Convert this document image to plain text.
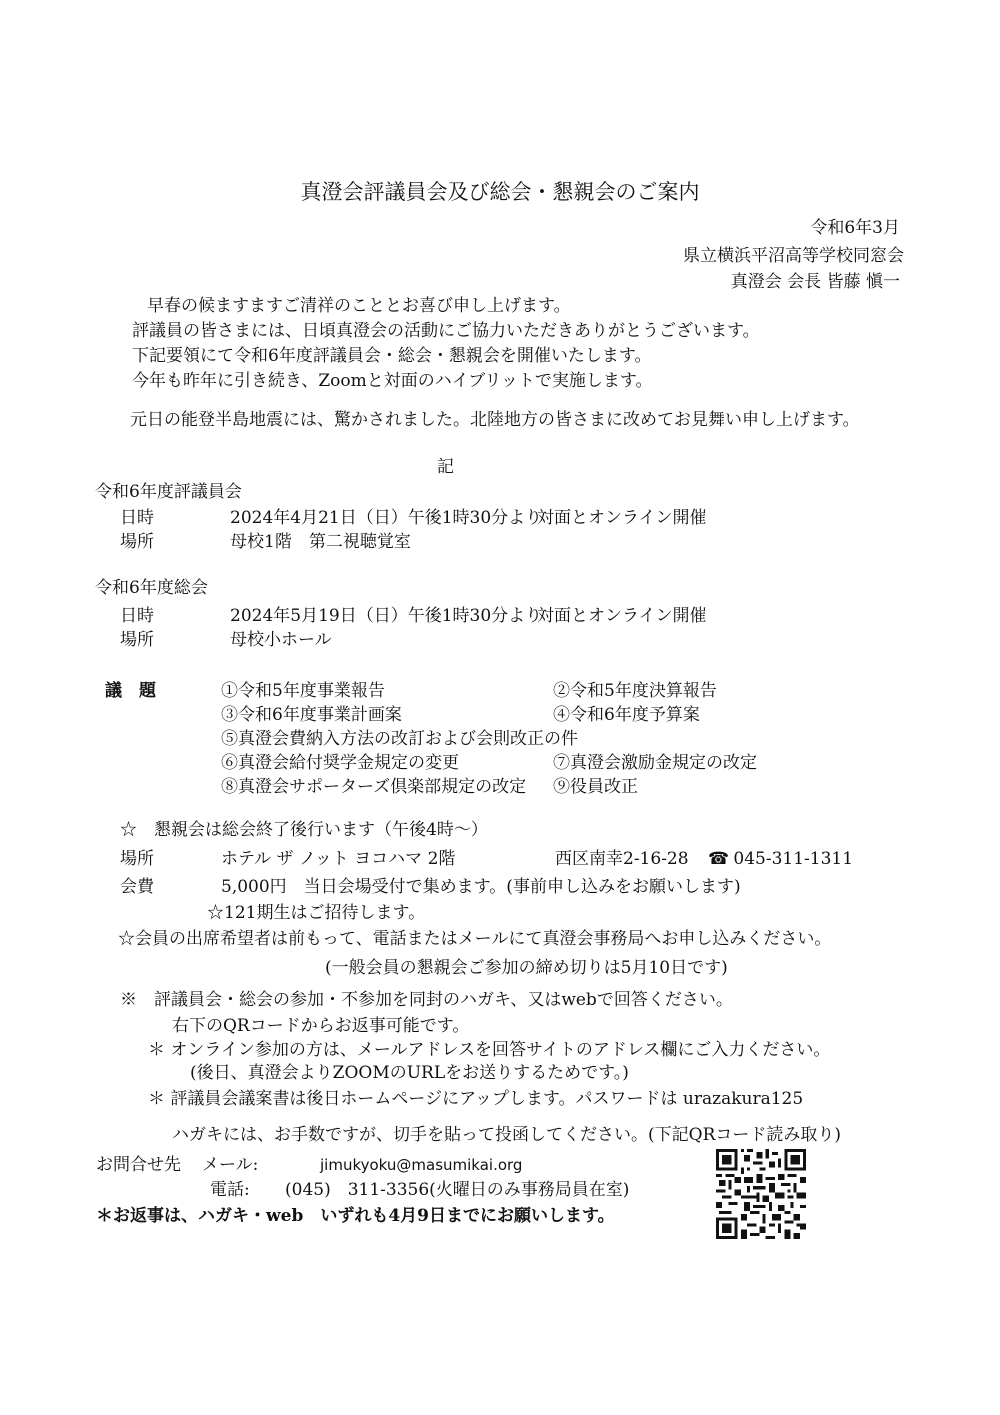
真澄会評議員会及び総会・懇親会のご案内
令和6年3月
県立横浜平沼高等学校同窓会
真澄会 会長 皆藤 愼一
早春の候ますますご清祥のこととお喜び申し上げます。
評議員の皆さまには、日頃真澄会の活動にご協力いただきありがとうございます。
下記要領にて令和6年度評議員会・総会・懇親会を開催いたします。
今年も昨年に引き続き、Zoomと対面のハイブリットで実施します。
元日の能登半島地震には、驚かされました。北陸地方の皆さまに改めてお見舞い申し上げます。
記
令和6年度評議員会
日時	2024年4月21日（日）午後1時30分より
対面とオンライン開催
場所	母校1階　第二視聴覚室
令和6年度総会
日時	2024年5月19日（日）午後1時30分より
対面とオンライン開催
場所	母校小ホール
議　題	①令和5年度事業報告	②令和5年度決算報告
③令和6年度事業計画案	④令和6年度予算案
⑤真澄会費納入方法の改訂および会則改正の件
⑥真澄会給付奨学金規定の変更	⑦真澄会激励金規定の改定
⑧真澄会サポーターズ倶楽部規定の改定 ⑨役員改正
☆　懇親会は総会終了後行います（午後4時～）
場所	ホテル ザ ノット ヨコハマ 2階	西区南幸2-16-28 ☎ 045-311-1311
会費	5,000円　当日会場受付で集めます。(事前申し込みをお願いします)
☆121期生はご招待します。
☆会員の出席希望者は前もって、電話またはメールにて真澄会事務局へお申し込みください。
(一般会員の懇親会ご参加の締め切りは5月10日です)
※　評議員会・総会の参加・不参加を同封のハガキ、又はwebで回答ください。
右下のQRコードからお返事可能です。
＊ オンライン参加の方は、メールアドレスを回答サイトのアドレス欄にご入力ください。
(後日、真澄会よりZOOMのURLをお送りするためです。)
＊ 評議員会議案書は後日ホームページにアップします。パスワードは urazakura125
ハガキには、お手数ですが、切手を貼って投函してください。(下記QRコード読み取り)
お問合せ先 メール:	jimukyoku@masumikai.org
電話: (045)　311-3356(火曜日のみ事務局員在室)
＊お返事は、ハガキ・web　いずれも4月9日までにお願いします。
